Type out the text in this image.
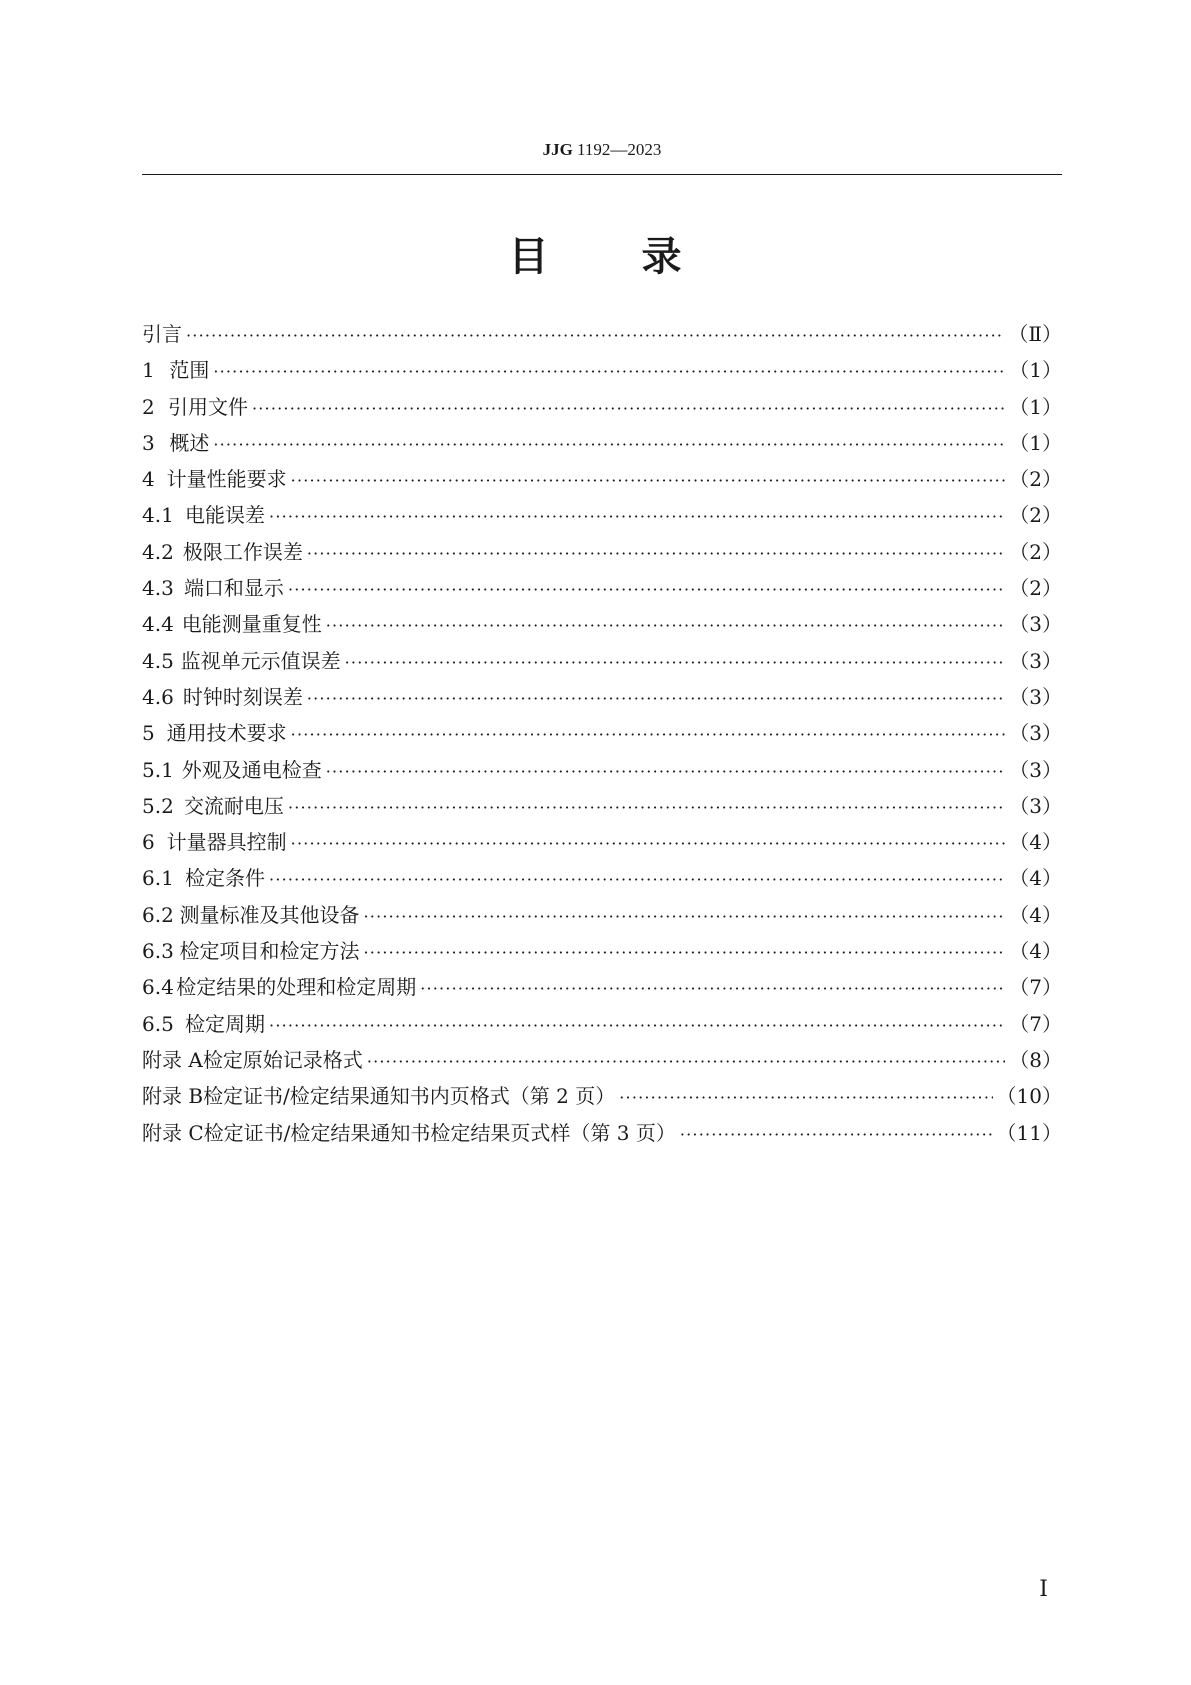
JJG 1192—2023
目 录
引言 ·····	（Ⅱ）
1 范围 ·····	（1）
2 引用文件 ·····	（1）
3 概述 ·····	（1）
4 计量性能要求 ·····	（2）
4.1 电能误差 ·····	（2）
4.2 极限工作误差 ·····	（2）
4.3 端口和显示 ·····	（2）
4.4 电能测量重复性 ·····	（3）
4.5 监视单元示值误差 ·····	（3）
4.6 时钟时刻误差 ·····	（3）
5 通用技术要求 ·····	（3）
5.1 外观及通电检查 ·····	（3）
5.2 交流耐电压 ·····	（3）
6 计量器具控制 ·····	（4）
6.1 检定条件 ·····	（4）
6.2 测量标准及其他设备 ·····	（4）
6.3 检定项目和检定方法 ·····	（4）
6.4 检定结果的处理和检定周期 ·····	（7）
6.5 检定周期 ·····	（7）
附录 A 检定原始记录格式 ·····	（8）
附录 B 检定证书/检定结果通知书内页格式（第 2 页） ·····	（10）
附录 C 检定证书/检定结果通知书检定结果页式样（第 3 页） ·····	（11）
Ⅰ
